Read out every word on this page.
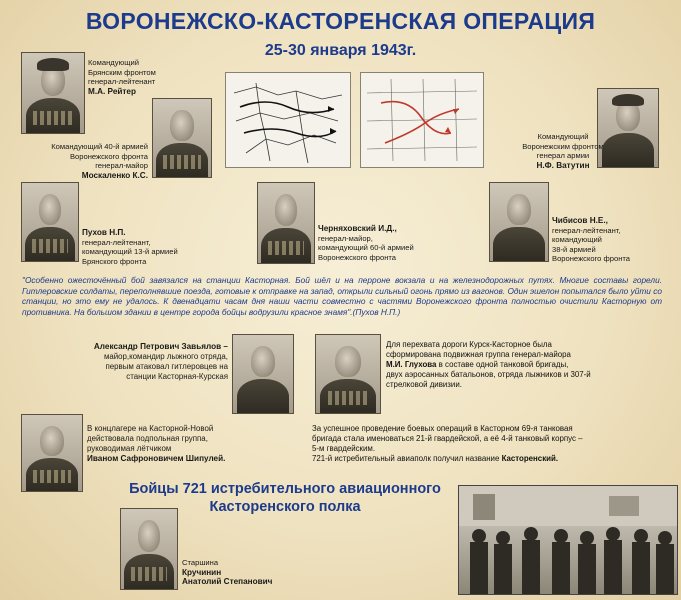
ВОРОНЕЖСКО-КАСТОРЕНСКАЯ ОПЕРАЦИЯ
25-30 января 1943г.
Командующий
Брянским фронтом
генерал-лейтенант
М.А. Рейтер
Командующий 40-й армией
Воронежского фронта
генерал-майор
Москаленко К.С.
Командующий
Воронежским фронтом
генерал армии
Н.Ф. Ватутин
Пухов Н.П.
генерал-лейтенант,
командующий 13-й армией
Брянского фронта
Черняховский И.Д.,
генерал-майор,
командующий 60-й армией
Воронежского фронта
Чибисов Н.Е.,
генерал-лейтенант,
командующий
38-й армией
Воронежского фронта
"Особенно ожесточённый бой завязался на станции Касторная. Бой шёл и на перроне вокзала и на железнодорожных путях. Многие составы горели. Гитлеровские солдаты, переполнявшие поезда, готовые к отправке на запад, открыли сильный огонь прямо из вагонов. Один эшелон попытался было уйти со станции, но это ему не удалось. К двенадцати часам дня наши части совместно с частями Воронежского фронта полностью очистили Касторную от противника. На большом здании в центре города бойцы водрузили красное знамя".(Пухов Н.П.)
Александр Петрович Завьялов –
майор,командир лыжного отряда,
первым атаковал гитлеровцев на
станции Касторная-Курская
Для перехвата дороги Курск-Касторное была
сформирована подвижная группа генерал-майора
М.И. Глухова в составе одной танковой бригады,
двух аэросанных батальонов, отряда лыжников и 307-й
стрелковой дивизии.
В концлагере на Касторной-Новой
действовала подпольная группа,
руководимая лётчиком
Иваном Сафроновичем Шипулей.
За успешное проведение боевых операций в Касторном 69-я танковая
бригада стала именоваться 21-й гвардейской, а её 4-й танковый корпус –
5-м гвардейским.
721-й истребительный авиаполк получил название Касторенский.
Бойцы 721 истребительного авиационного
Касторенского полка
Старшина
Кручинин
Анатолий Степанович
